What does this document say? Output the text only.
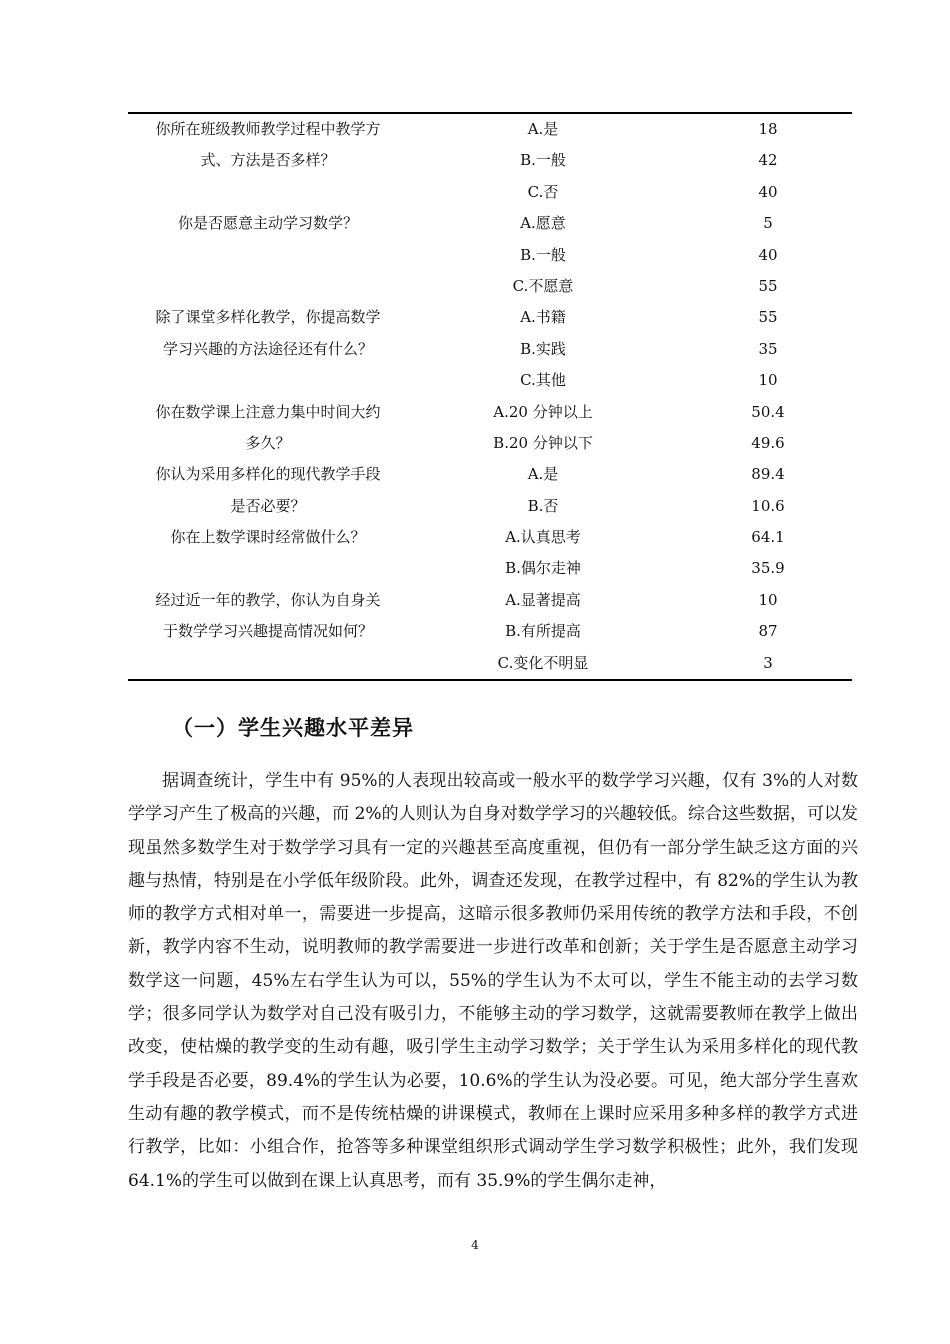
你所在班级教师教学过程中教学方	A.是	18
式、方法是否多样？	B.一般	42
C.否	40
你是否愿意主动学习数学？	A.愿意	5
B.一般	40
C.不愿意	55
除了课堂多样化教学，你提高数学	A.书籍	55
学习兴趣的方法途径还有什么？	B.实践	35
C.其他	10
你在数学课上注意力集中时间大约	A.20 分钟以上	50.4
多久？	B.20 分钟以下	49.6
你认为采用多样化的现代教学手段	A.是	89.4
是否必要？	B.否	10.6
你在上数学课时经常做什么？	A.认真思考	64.1
B.偶尔走神	35.9
经过近一年的教学，你认为自身关	A.显著提高	10
于数学学习兴趣提高情况如何？	B.有所提高	87
C.变化不明显	3
（一）学生兴趣水平差异
据调查统计，学生中有 95%的人表现出较高或一般水平的数学学习兴趣，仅有 3%的人对数学学习产生了极高的兴趣，而 2%的人则认为自身对数学学习的兴趣较低。综合这些数据，可以发现虽然多数学生对于数学学习具有一定的兴趣甚至高度重视，但仍有一部分学生缺乏这方面的兴趣与热情，特别是在小学低年级阶段。此外，调查还发现，在教学过程中，有 82%的学生认为教师的教学方式相对单一，需要进一步提高，这暗示很多教师仍采用传统的教学方法和手段，不创新，教学内容不生动，说明教师的教学需要进一步进行改革和创新；关于学生是否愿意主动学习数学这一问题，45%左右学生认为可以，55%的学生认为不太可以，学生不能主动的去学习数学；很多同学认为数学对自己没有吸引力，不能够主动的学习数学，这就需要教师在教学上做出改变，使枯燥的教学变的生动有趣，吸引学生主动学习数学；关于学生认为采用多样化的现代教学手段是否必要，89.4%的学生认为必要，10.6%的学生认为没必要。可见，绝大部分学生喜欢生动有趣的教学模式，而不是传统枯燥的讲课模式，教师在上课时应采用多种多样的教学方式进行教学，比如：小组合作，抢答等多种课堂组织形式调动学生学习数学积极性；此外，我们发现 64.1%的学生可以做到在课上认真思考，而有 35.9%的学生偶尔走神，
4
